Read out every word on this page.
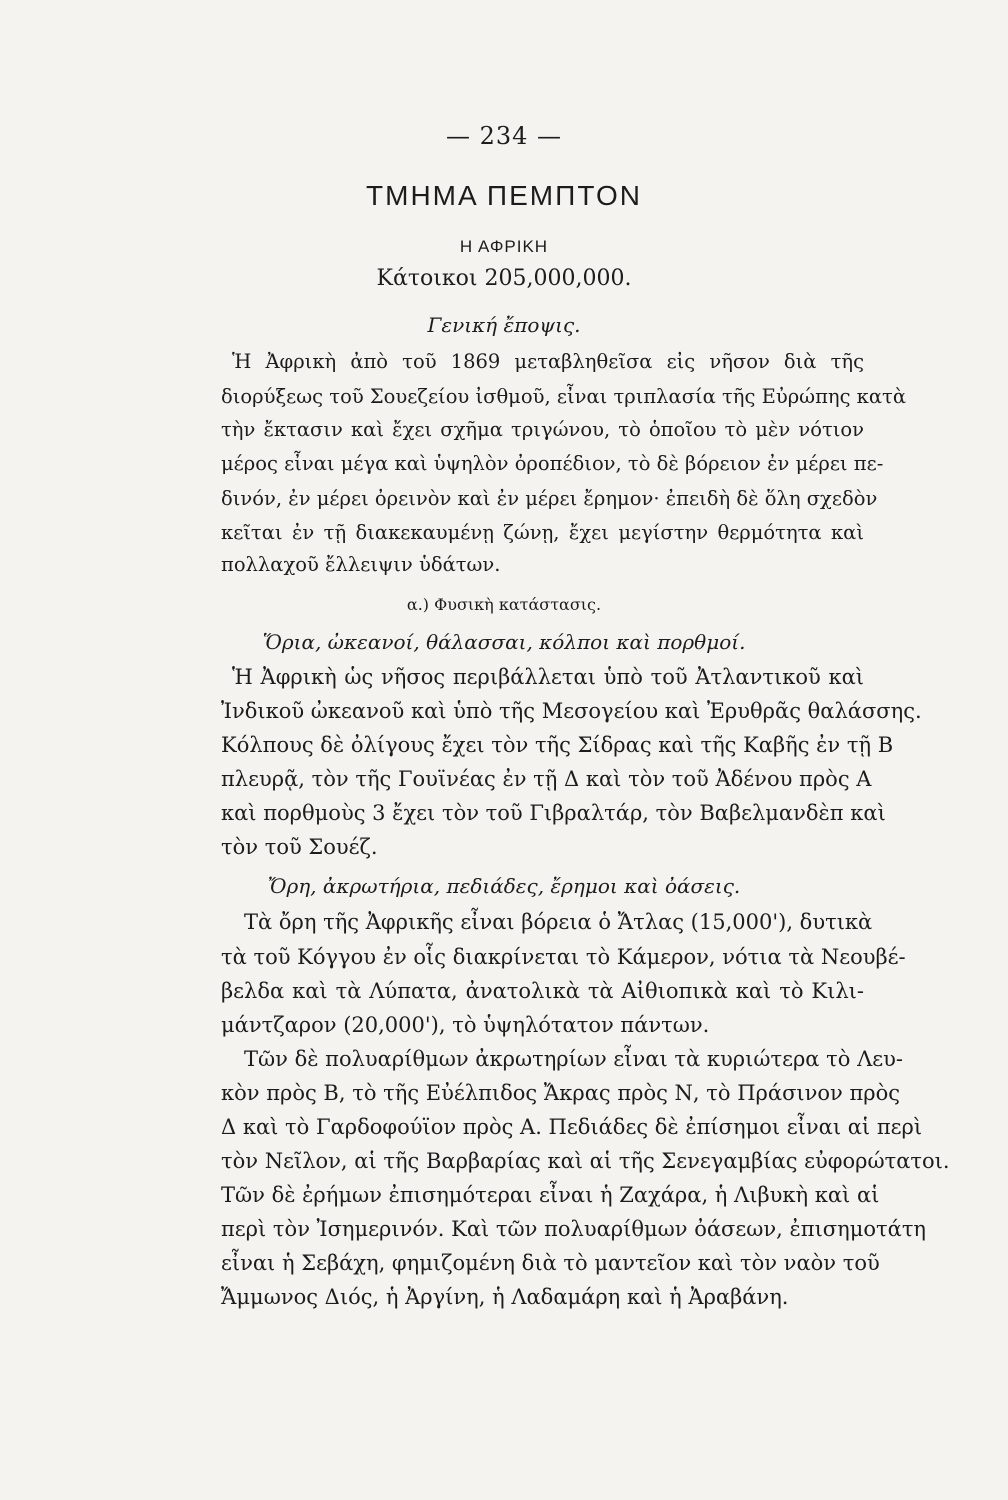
— 234 —
ΤΜΗΜΑ ΠΕΜΠΤΟΝ
Η ΑΦΡΙΚΗ
Κάτοικοι 205,000,000.
Γενική ἔποψις.
Ἡ Ἀφρικὴ ἀπὸ τοῦ 1869 μεταβληθεῖσα εἰς νῆσον διὰ τῆς
διορύξεως τοῦ Σουεζείου ἰσθμοῦ, εἶναι τριπλασία τῆς Εὐρώπης κατὰ
τὴν ἔκτασιν καὶ ἔχει σχῆμα τριγώνου, τὸ ὁποῖου τὸ μὲν νότιον
μέρος εἶναι μέγα καὶ ὑψηλὸν ὀροπέδιον, τὸ δὲ βόρειον ἐν μέρει πε-
δινόν, ἐν μέρει ὀρεινὸν καὶ ἐν μέρει ἔρημον· ἐπειδὴ δὲ ὅλη σχεδὸν
κεῖται ἐν τῇ διακεκαυμένῃ ζώνῃ, ἔχει μεγίστην θερμότητα καὶ
πολλαχοῦ ἔλλειψιν ὑδάτων.
α.) Φυσικὴ κατάστασις.
Ὅρια, ὠκεανοί, θάλασσαι, κόλποι καὶ πορθμοί.
Ἡ Ἀφρικὴ ὡς νῆσος περιβάλλεται ὑπὸ τοῦ Ἀτλαντικοῦ καὶ
Ἰνδικοῦ ὠκεανοῦ καὶ ὑπὸ τῆς Μεσογείου καὶ Ἐρυθρᾶς θαλάσσης.
Κόλπους δὲ ὀλίγους ἔχει τὸν τῆς Σίδρας καὶ τῆς Καβῆς ἐν τῇ Β
πλευρᾷ, τὸν τῆς Γουϊνέας ἐν τῇ Δ καὶ τὸν τοῦ Ἀδένου πρὸς Α
καὶ πορθμοὺς 3 ἔχει τὸν τοῦ Γιβραλτάρ, τὸν Βαβελμανδὲπ καὶ
τὸν τοῦ Σουέζ.
Ὄρη, ἀκρωτήρια, πεδιάδες, ἔρημοι καὶ ὀάσεις.
Τὰ ὄρη τῆς Ἀφρικῆς εἶναι βόρεια ὁ Ἄτλας (15,000'), δυτικὰ
τὰ τοῦ Κόγγου ἐν οἷς διακρίνεται τὸ Κάμερον, νότια τὰ Νεουβέ-
βελδα καὶ τὰ Λύπατα, ἀνατολικὰ τὰ Αἰθιοπικὰ καὶ τὸ Κιλι-
μάντζαρον (20,000'), τὸ ὑψηλότατον πάντων.
Τῶν δὲ πολυαρίθμων ἀκρωτηρίων εἶναι τὰ κυριώτερα τὸ Λευ-
κὸν πρὸς Β, τὸ τῆς Εὐέλπιδος Ἄκρας πρὸς Ν, τὸ Πράσινον πρὸς
Δ καὶ τὸ Γαρδοφούϊον πρὸς Α. Πεδιάδες δὲ ἐπίσημοι εἶναι αἱ περὶ
τὸν Νεῖλον, αἱ τῆς Βαρβαρίας καὶ αἱ τῆς Σενεγαμβίας εὐφορώτατοι.
Τῶν δὲ ἐρήμων ἐπισημότεραι εἶναι ἡ Ζαχάρα, ἡ Λιβυκὴ καὶ αἱ
περὶ τὸν Ἰσημερινόν. Καὶ τῶν πολυαρίθμων ὀάσεων, ἐπισημοτάτη
εἶναι ἡ Σεβάχη, φημιζομένη διὰ τὸ μαντεῖον καὶ τὸν ναὸν τοῦ
Ἄμμωνος Διός, ἡ Ἀργίνη, ἡ Λαδαμάρη καὶ ἡ Ἀραβάνη.
